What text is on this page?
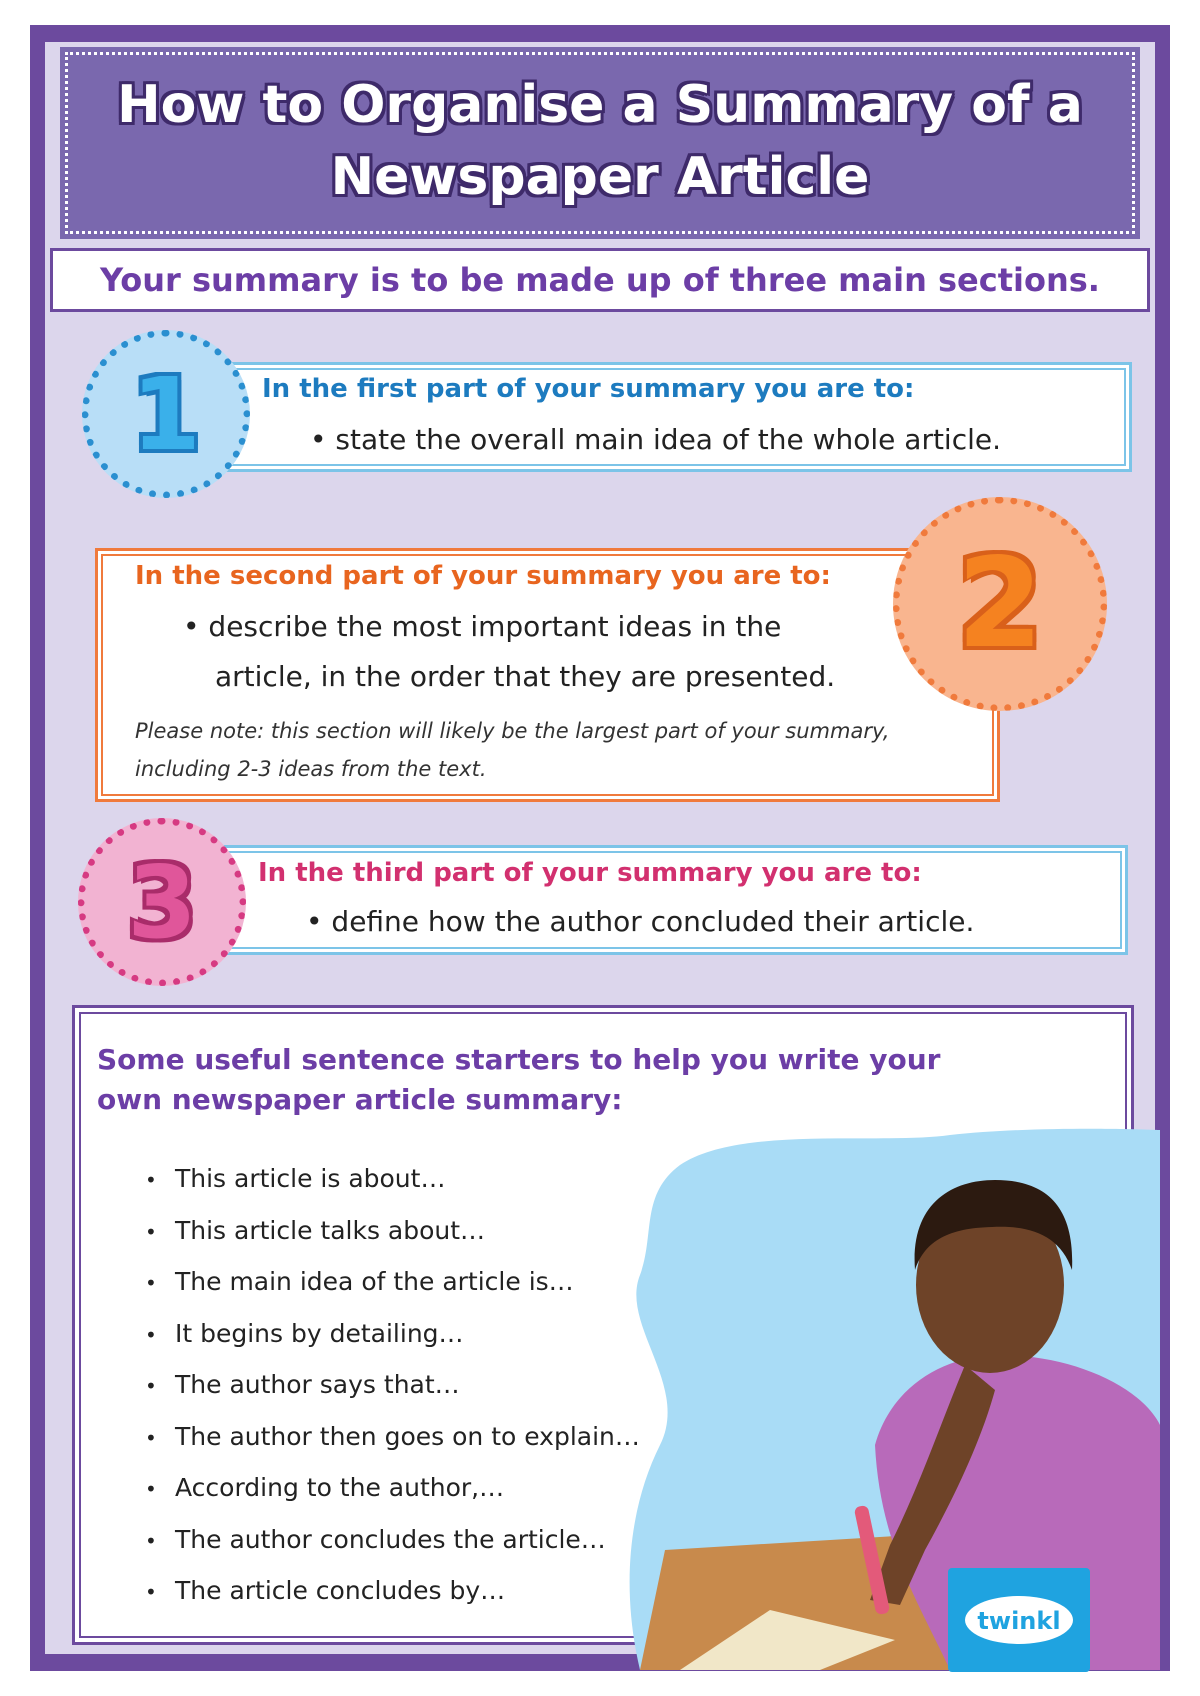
How to Organise a Summary of a
Newspaper Article
Your summary is to be made up of three main sections.
In the first part of your summary you are to:
• state the overall main idea of the whole article.
1
In the second part of your summary you are to:
• describe the most important ideas in the
article, in the order that they are presented.
Please note: this section will likely be the largest part of your summary, including 2-3 ideas from the text.
2
In the third part of your summary you are to:
• define how the author concluded their article.
3
Some useful sentence starters to help you write your own newspaper article summary:
• This article is about…
• This article talks about…
• The main idea of the article is…
• It begins by detailing…
• The author says that…
• The author then goes on to explain…
• According to the author,…
• The author concludes the article…
• The article concludes by…
twinkl
